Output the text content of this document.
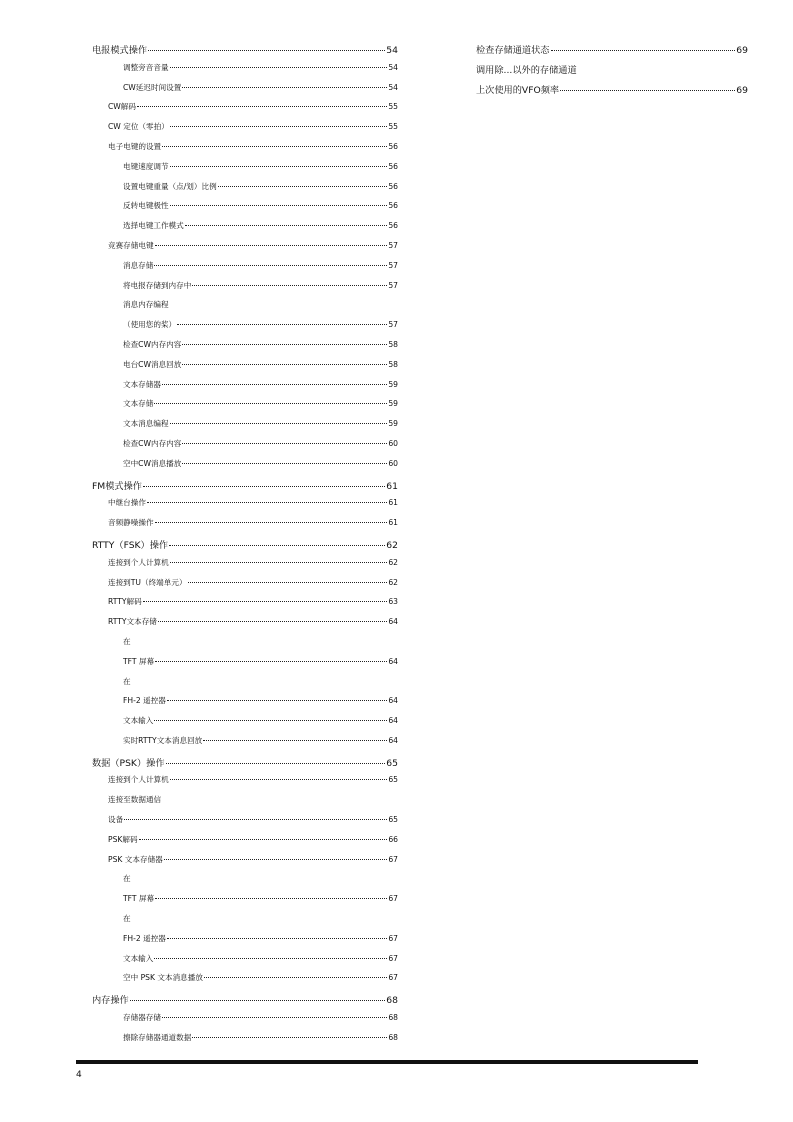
电报模式操作	54
调整旁音音量	54
CW延迟时间设置	54
CW解码	55
CW 定位（零拍）	55
电子电键的设置	56
电键速度调节	56
设置电键重量（点/划）比例	56
反转电键极性	56
选择电键工作模式	56
竞赛存储电键	57
消息存储	57
将电报存储到内存中	57
消息内存编程
（使用您的桨）	57
检查CW内存内容	58
电台CW消息回放	58
文本存储器	59
文本存储	59
文本消息编程	59
检查CW内存内容	60
空中CW消息播放	60
FM模式操作	61
中继台操作	61
音频静噪操作	61
RTTY（FSK）操作	62
连接到个人计算机	62
连接到TU（终端单元）	62
RTTY解码	63
RTTY文本存储	64
在
TFT 屏幕	64
在
FH-2 遥控器	64
文本输入	64
实时RTTY文本消息回放	64
数据（PSK）操作	65
连接到个人计算机	65
连接至数据通信
设备	65
PSK解码	66
PSK 文本存储器	67
在
TFT 屏幕	67
在
FH-2 遥控器	67
文本输入	67
空中 PSK 文本消息播放	67
内存操作	68
存储器存储	68
擦除存储器通道数据	68
检查存储通道状态	69
调用除...以外的存储通道
上次使用的VFO频率	69
4
